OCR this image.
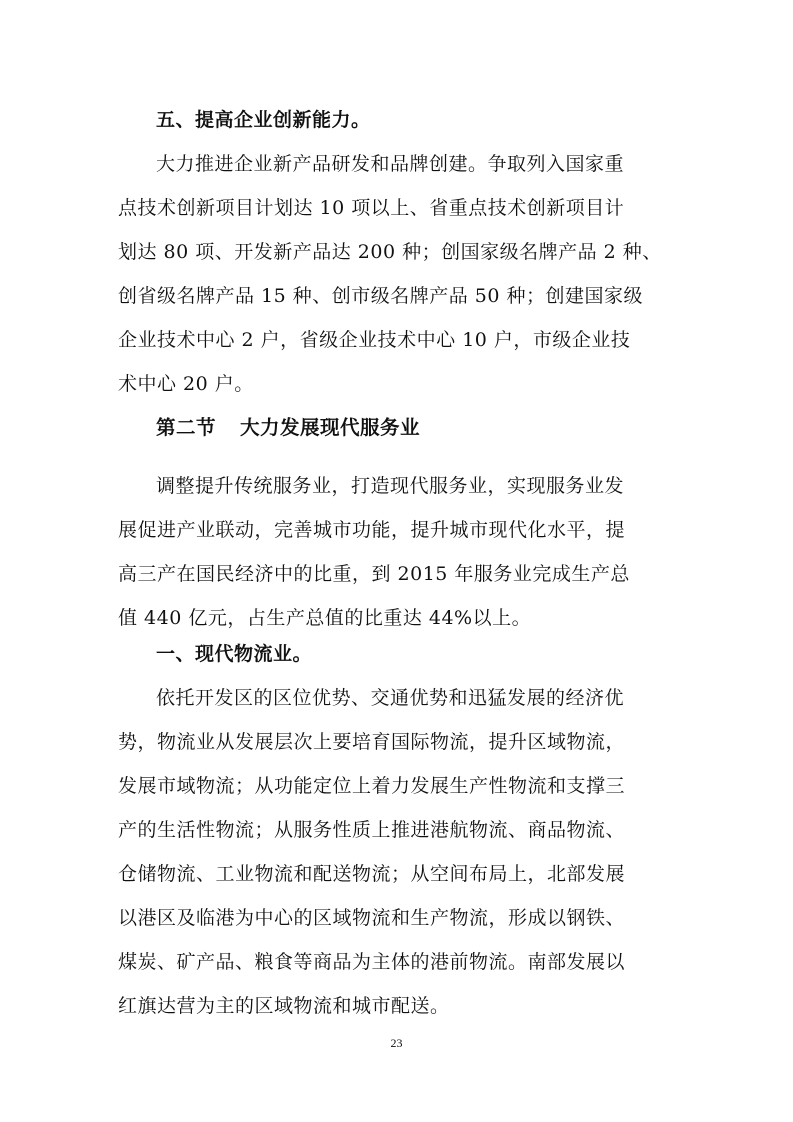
五、提高企业创新能力。
大力推进企业新产品研发和品牌创建。争取列入国家重
点技术创新项目计划达 10 项以上、省重点技术创新项目计
划达 80 项、开发新产品达 200 种；创国家级名牌产品 2 种、
创省级名牌产品 15 种、创市级名牌产品 50 种；创建国家级
企业技术中心 2 户，省级企业技术中心 10 户，市级企业技
术中心 20 户。
第二节 大力发展现代服务业
调整提升传统服务业，打造现代服务业，实现服务业发
展促进产业联动，完善城市功能，提升城市现代化水平，提
高三产在国民经济中的比重，到 2015 年服务业完成生产总
值 440 亿元，占生产总值的比重达 44%以上。
一、现代物流业。
依托开发区的区位优势、交通优势和迅猛发展的经济优
势，物流业从发展层次上要培育国际物流，提升区域物流，
发展市域物流；从功能定位上着力发展生产性物流和支撑三
产的生活性物流；从服务性质上推进港航物流、商品物流、
仓储物流、工业物流和配送物流；从空间布局上，北部发展
以港区及临港为中心的区域物流和生产物流，形成以钢铁、
煤炭、矿产品、粮食等商品为主体的港前物流。南部发展以
红旗达营为主的区域物流和城市配送。
23
